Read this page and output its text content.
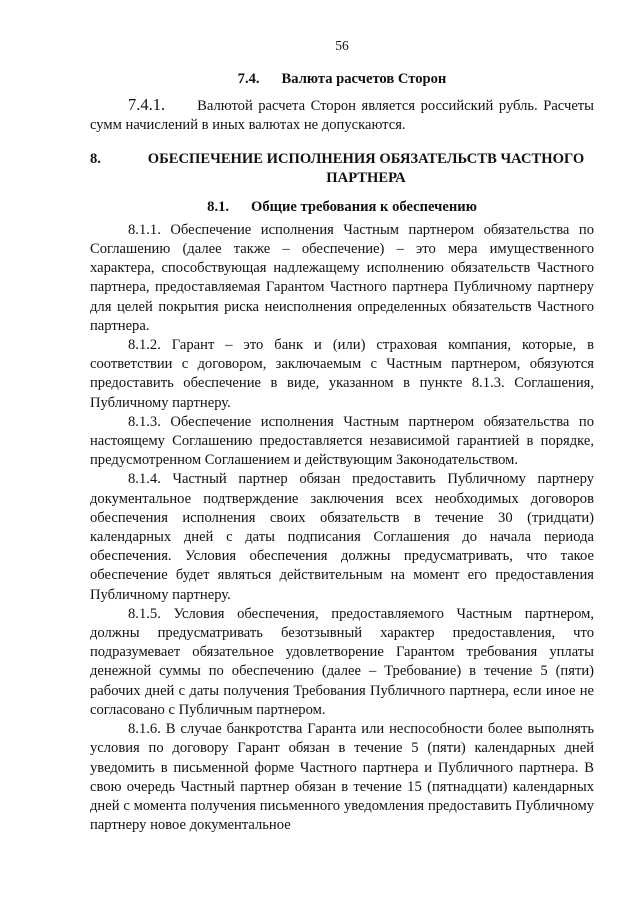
56
7.4. Валюта расчетов Сторон

7.4.1. Валютой расчета Сторон является российский рубль. Расчеты сумм начислений в иных валютах не допускаются.

8.	ОБЕСПЕЧЕНИЕ ИСПОЛНЕНИЯ ОБЯЗАТЕЛЬСТВ ЧАСТНОГО ПАРТНЕРА
8.1. Общие требования к обеспечению

8.1.1. Обеспечение исполнения Частным партнером обязательства по Соглашению (далее также – обеспечение) – это мера имущественного характера, способствующая надлежащему исполнению обязательств Частного партнера, предоставляемая Гарантом Частного партнера Публичному партнеру для целей покрытия риска неисполнения определенных обязательств Частного партнера.

8.1.2. Гарант – это банк и (или) страховая компания, которые, в соответствии с договором, заключаемым с Частным партнером, обязуются предоставить обеспечение в виде, указанном в пункте 8.1.3. Соглашения, Публичному партнеру.

8.1.3. Обеспечение исполнения Частным партнером обязательства по настоящему Соглашению предоставляется независимой гарантией в порядке, предусмотренном Соглашением и действующим Законодательством.

8.1.4. Частный партнер обязан предоставить Публичному партнеру документальное подтверждение заключения всех необходимых договоров обеспечения исполнения своих обязательств в течение 30 (тридцати) календарных дней с даты подписания Соглашения до начала периода обеспечения. Условия обеспечения должны предусматривать, что такое обеспечение будет являться действительным на момент его предоставления Публичному партнеру.

8.1.5. Условия обеспечения, предоставляемого Частным партнером, должны предусматривать безотзывный характер предоставления, что подразумевает обязательное удовлетворение Гарантом требования уплаты денежной суммы по обеспечению (далее – Требование) в течение 5 (пяти) рабочих дней с даты получения Требования Публичного партнера, если иное не согласовано с Публичным партнером.

8.1.6. В случае банкротства Гаранта или неспособности более выполнять условия по договору Гарант обязан в течение 5 (пяти) календарных дней уведомить в письменной форме Частного партнера и Публичного партнера. В свою очередь Частный партнер обязан в течение 15 (пятнадцати) календарных дней с момента получения письменного уведомления предоставить Публичному партнеру новое документальное
